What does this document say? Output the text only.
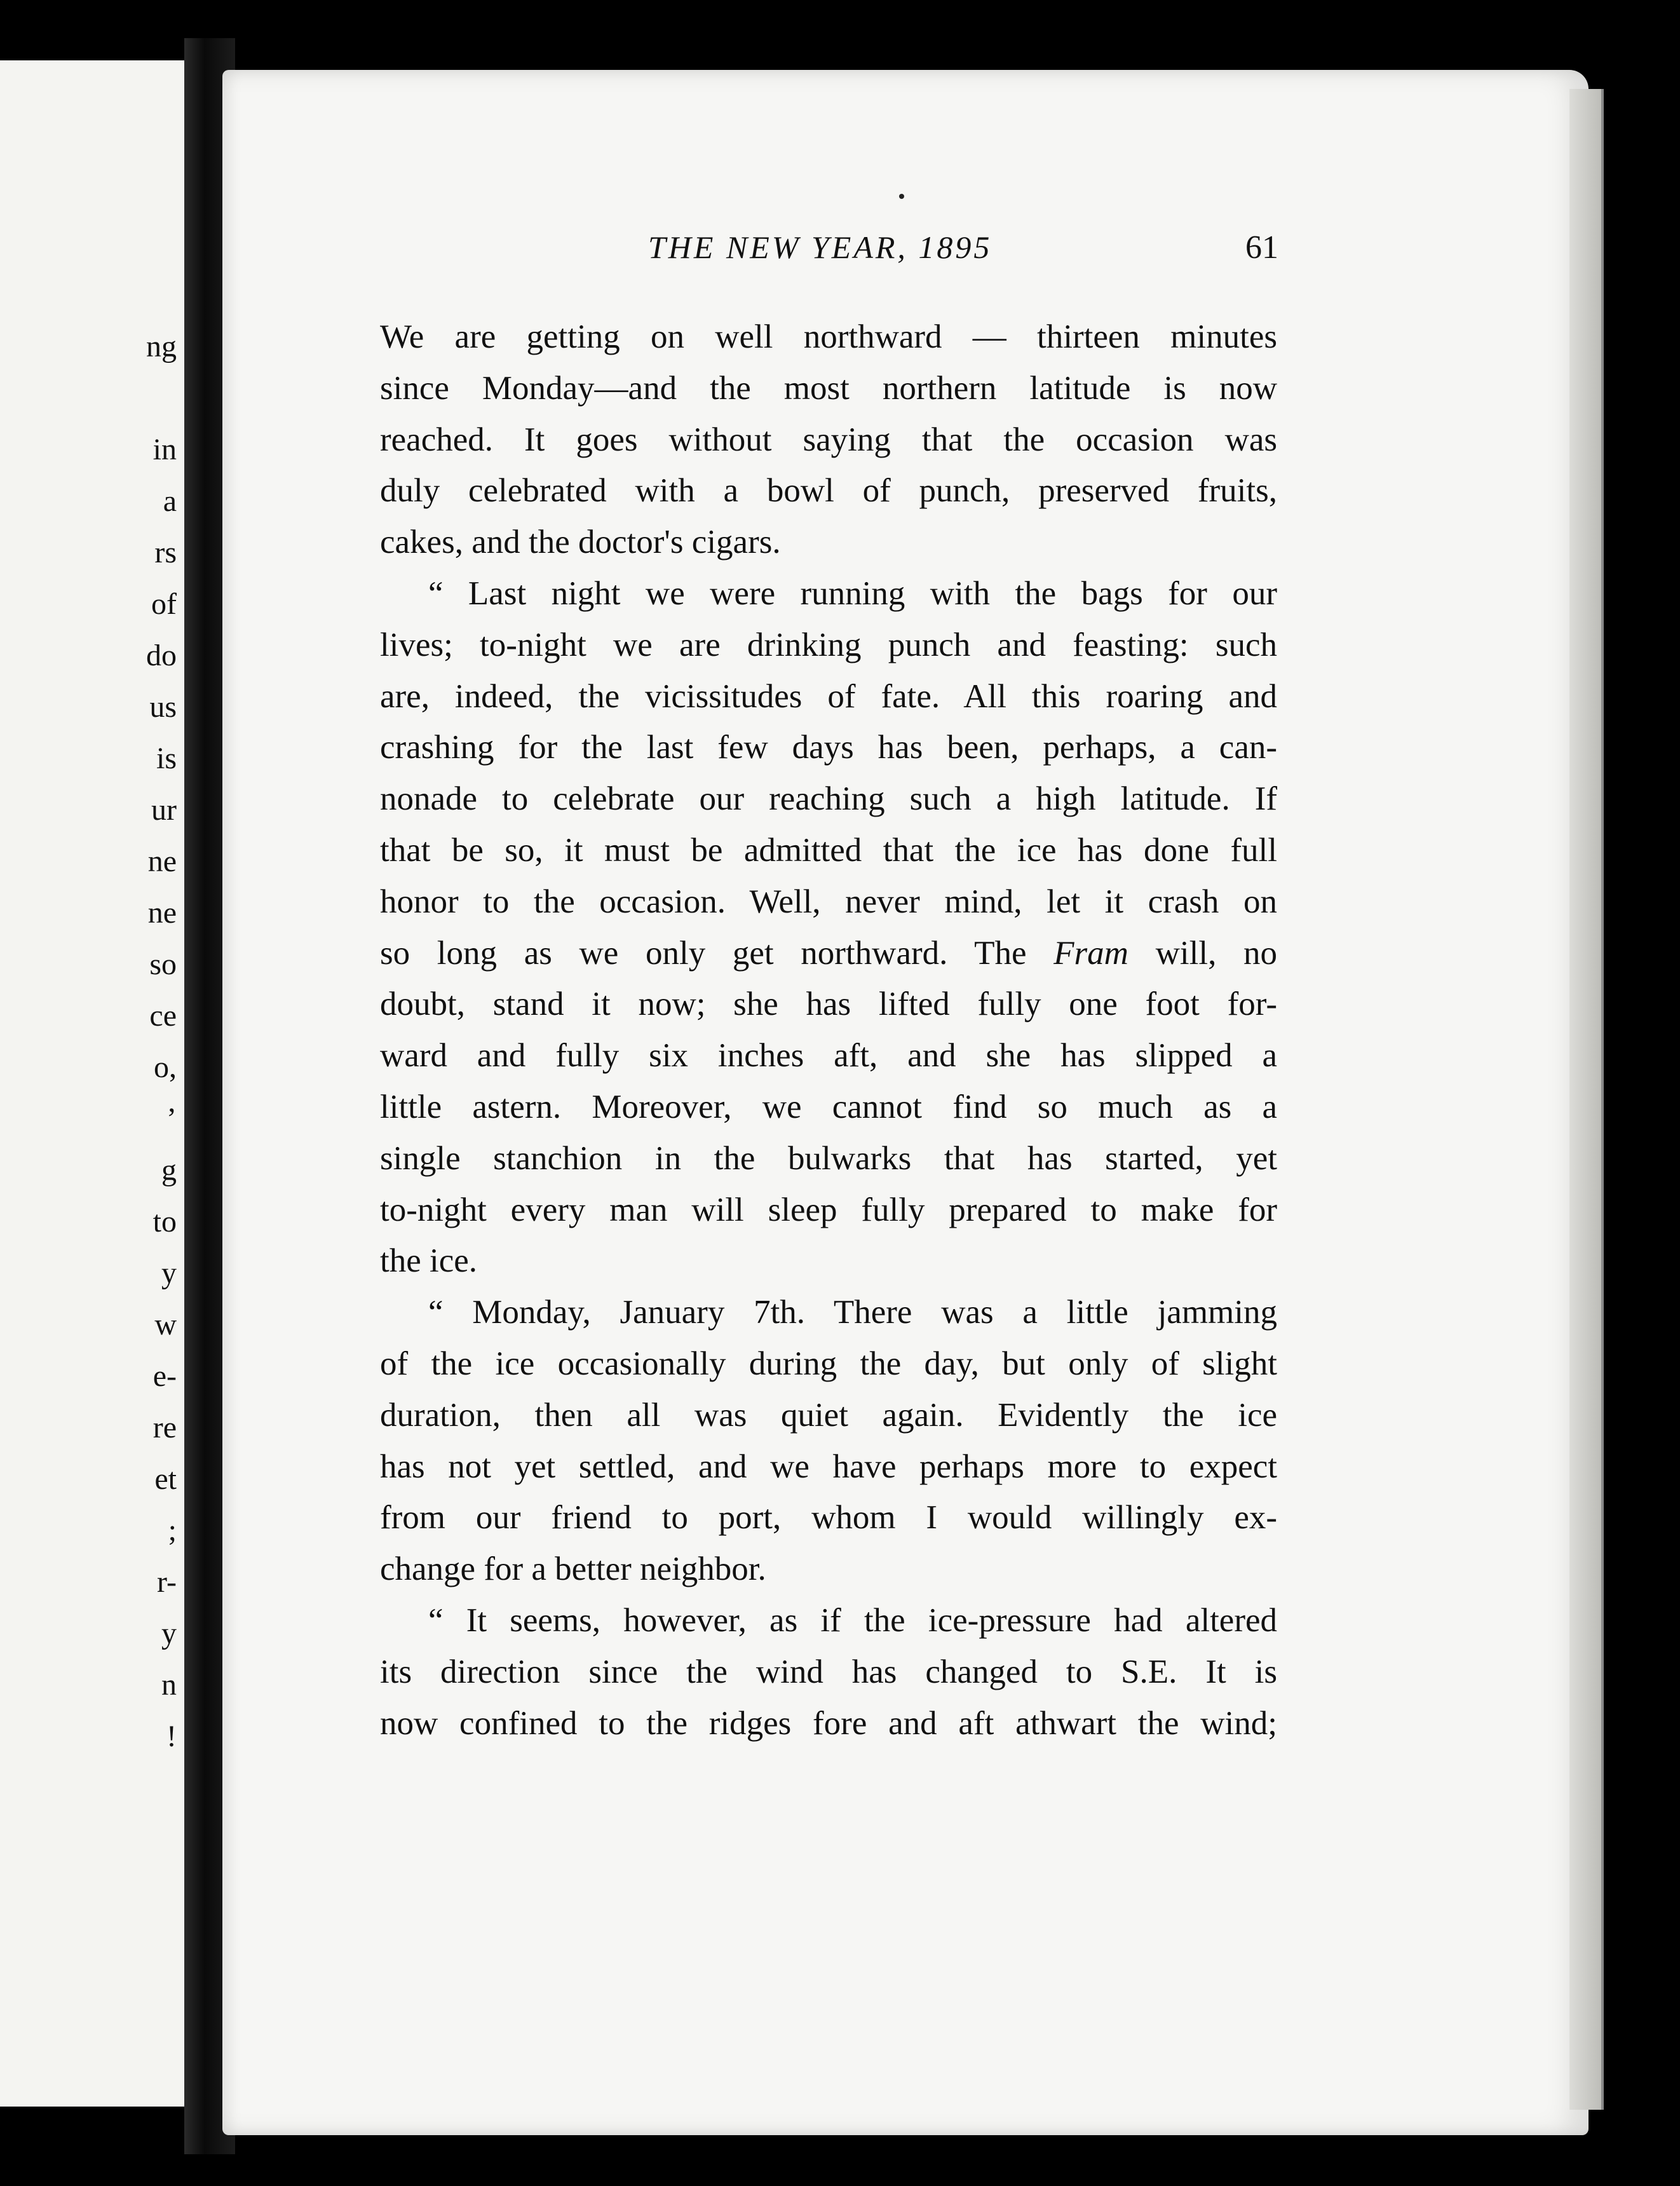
ng
in
a
rs
of
do
us
is
ur
ne
ne
so
ce
o,
’
g
to
y
w
e-
re
et
;
r-
y
n
!
THE NEW YEAR, 1895	61
We are getting on well northward — thirteen minutes
since Monday—and the most northern latitude is now
reached. It goes without saying that the occasion was
duly celebrated with a bowl of punch, preserved fruits,
cakes, and the doctor's cigars.
“ Last night we were running with the bags for our
lives; to-night we are drinking punch and feasting: such
are, indeed, the vicissitudes of fate. All this roaring and
crashing for the last few days has been, perhaps, a can-
nonade to celebrate our reaching such a high latitude. If
that be so, it must be admitted that the ice has done full
honor to the occasion. Well, never mind, let it crash on
so long as we only get northward. The Fram will, no
doubt, stand it now; she has lifted fully one foot for-
ward and fully six inches aft, and she has slipped a
little astern. Moreover, we cannot find so much as a
single stanchion in the bulwarks that has started, yet
to-night every man will sleep fully prepared to make for
the ice.
“ Monday, January 7th. There was a little jamming
of the ice occasionally during the day, but only of slight
duration, then all was quiet again. Evidently the ice
has not yet settled, and we have perhaps more to expect
from our friend to port, whom I would willingly ex-
change for a better neighbor.
“ It seems, however, as if the ice-pressure had altered
its direction since the wind has changed to S.E. It is
now confined to the ridges fore and aft athwart the wind;
